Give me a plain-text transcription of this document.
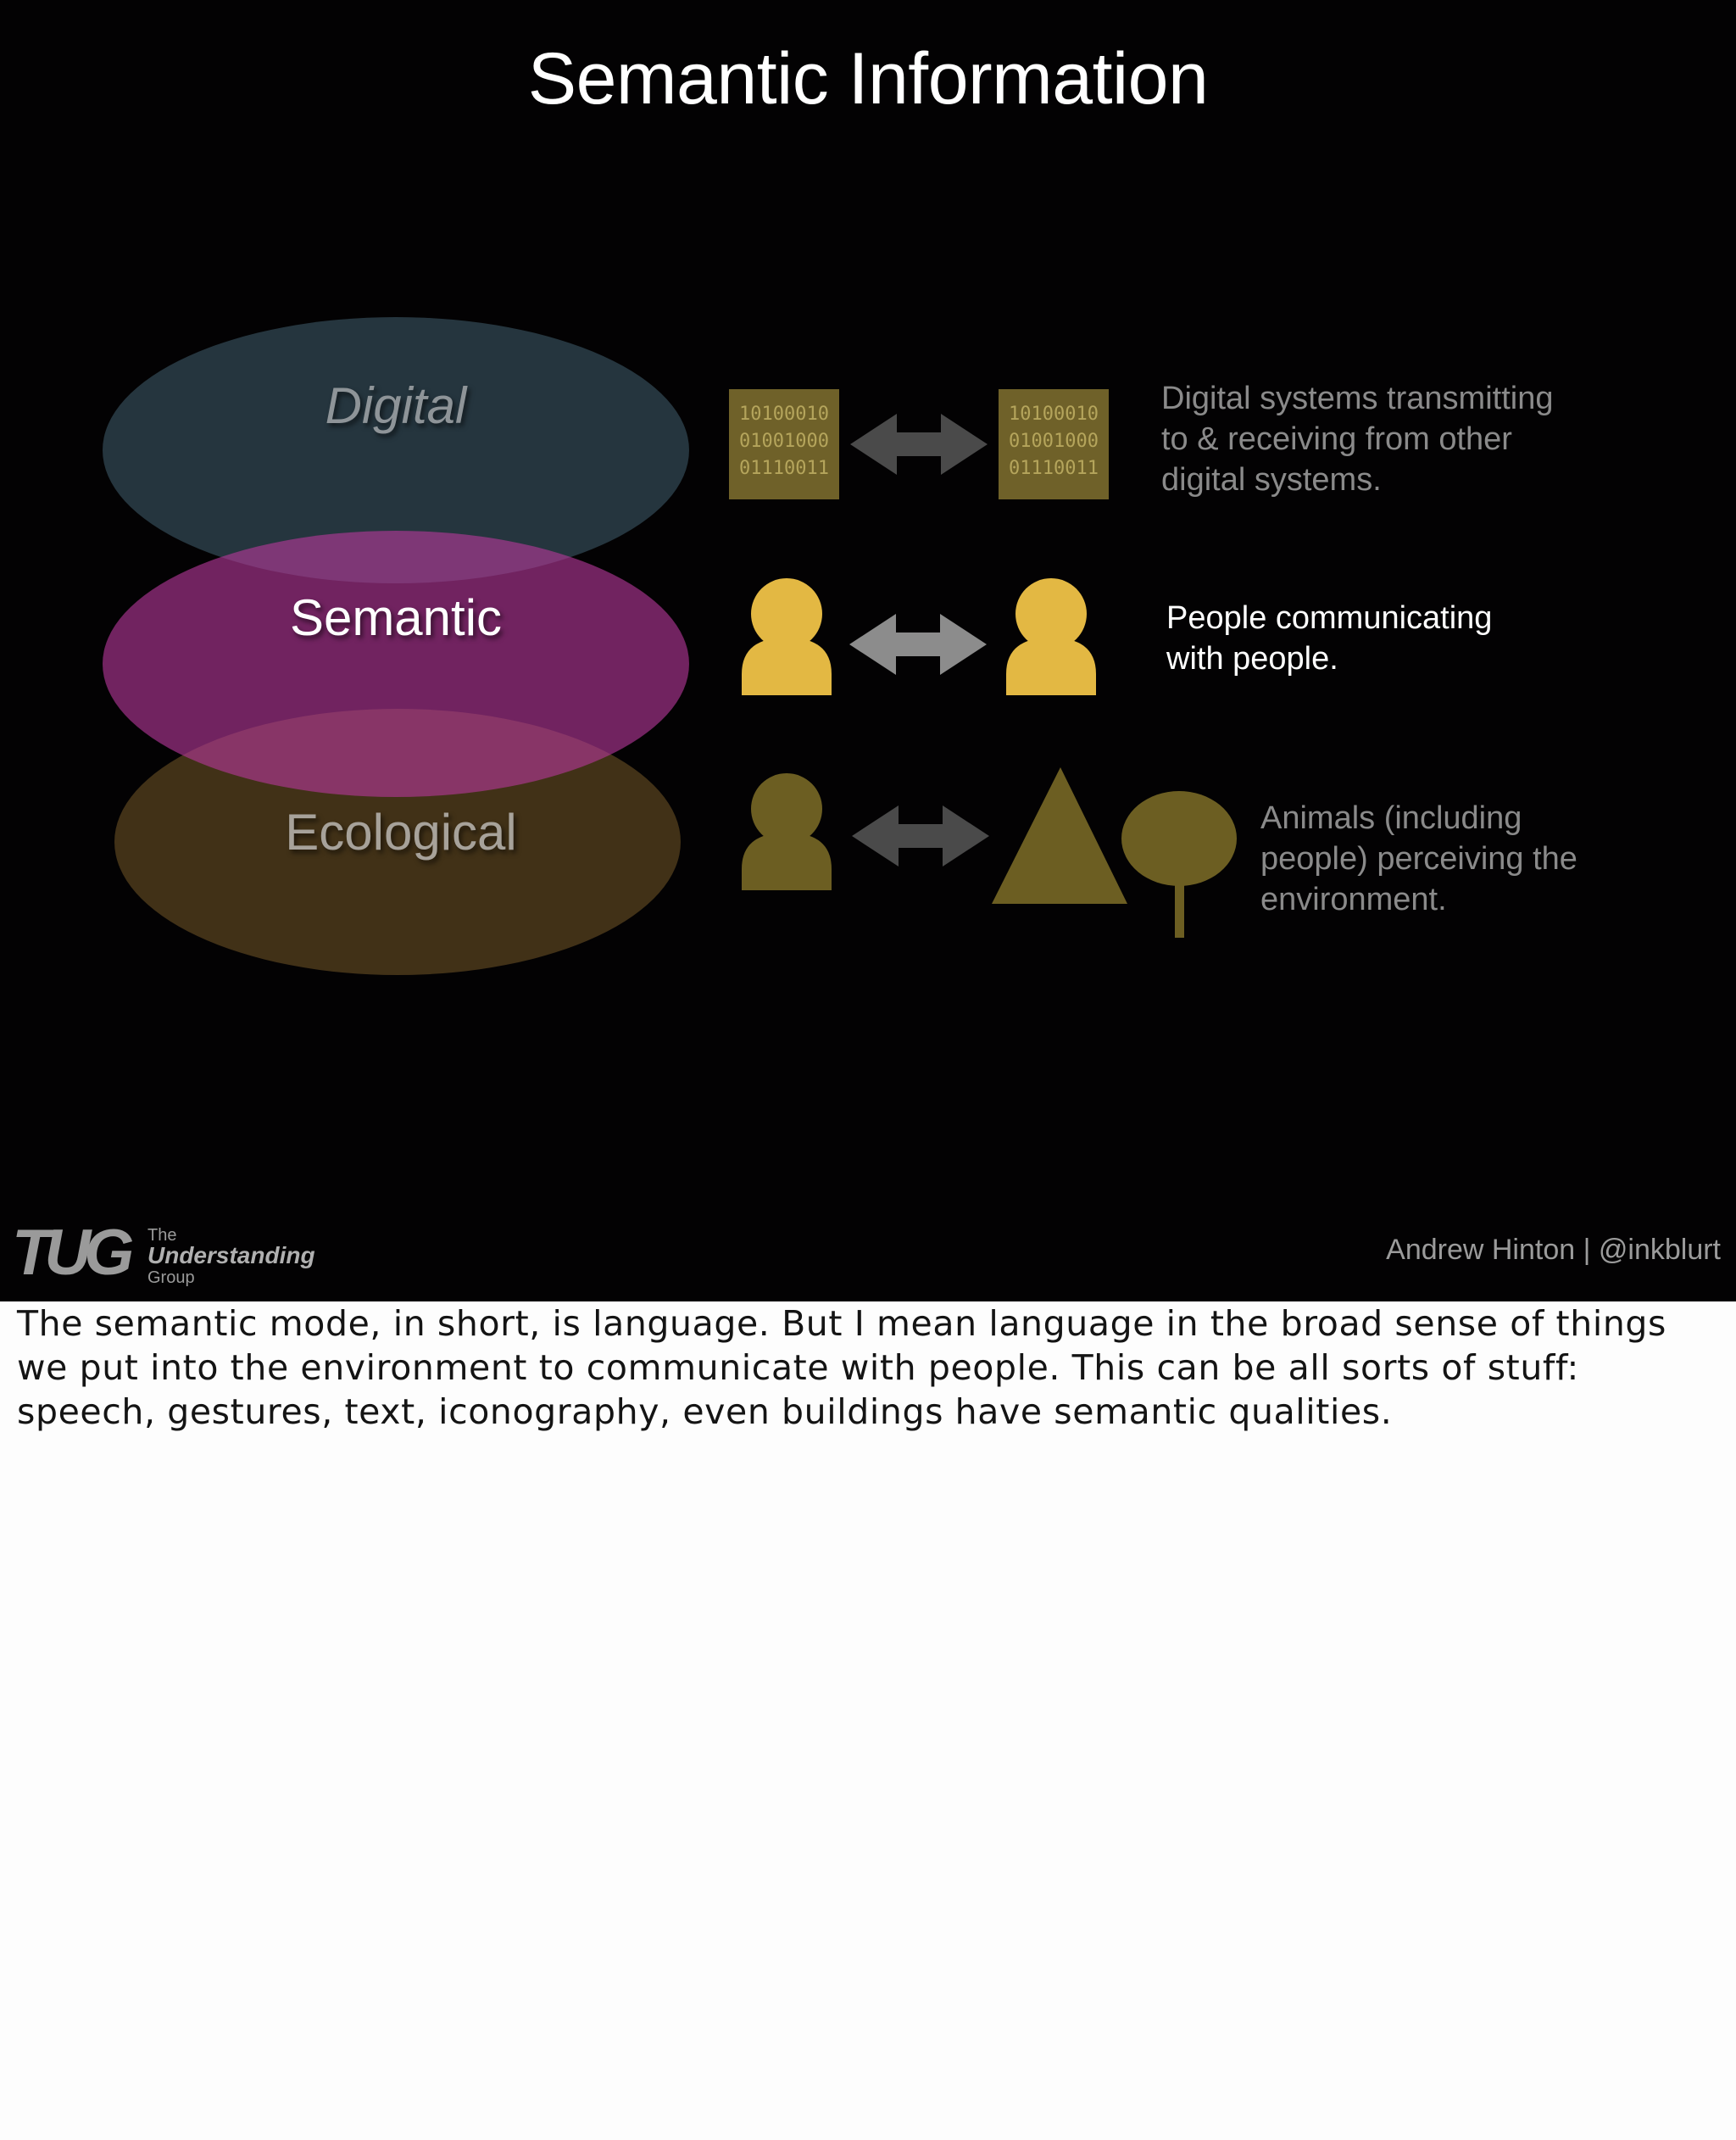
Semantic Information
Digital
Semantic
Ecological
10100010
01001000
01110011
10100010
01001000
01110011
Digital systems transmitting
to & receiving from other
digital systems.
People communicating
with people.
Animals (including
people) perceiving the
environment.
TUG The
Understanding
Group
Andrew Hinton | @inkblurt
The semantic mode, in short, is language. But I mean language in the broad sense of things we put into the environment to communicate with people. This can be all sorts of stuff: speech, gestures, text, iconography, even buildings have semantic qualities.
